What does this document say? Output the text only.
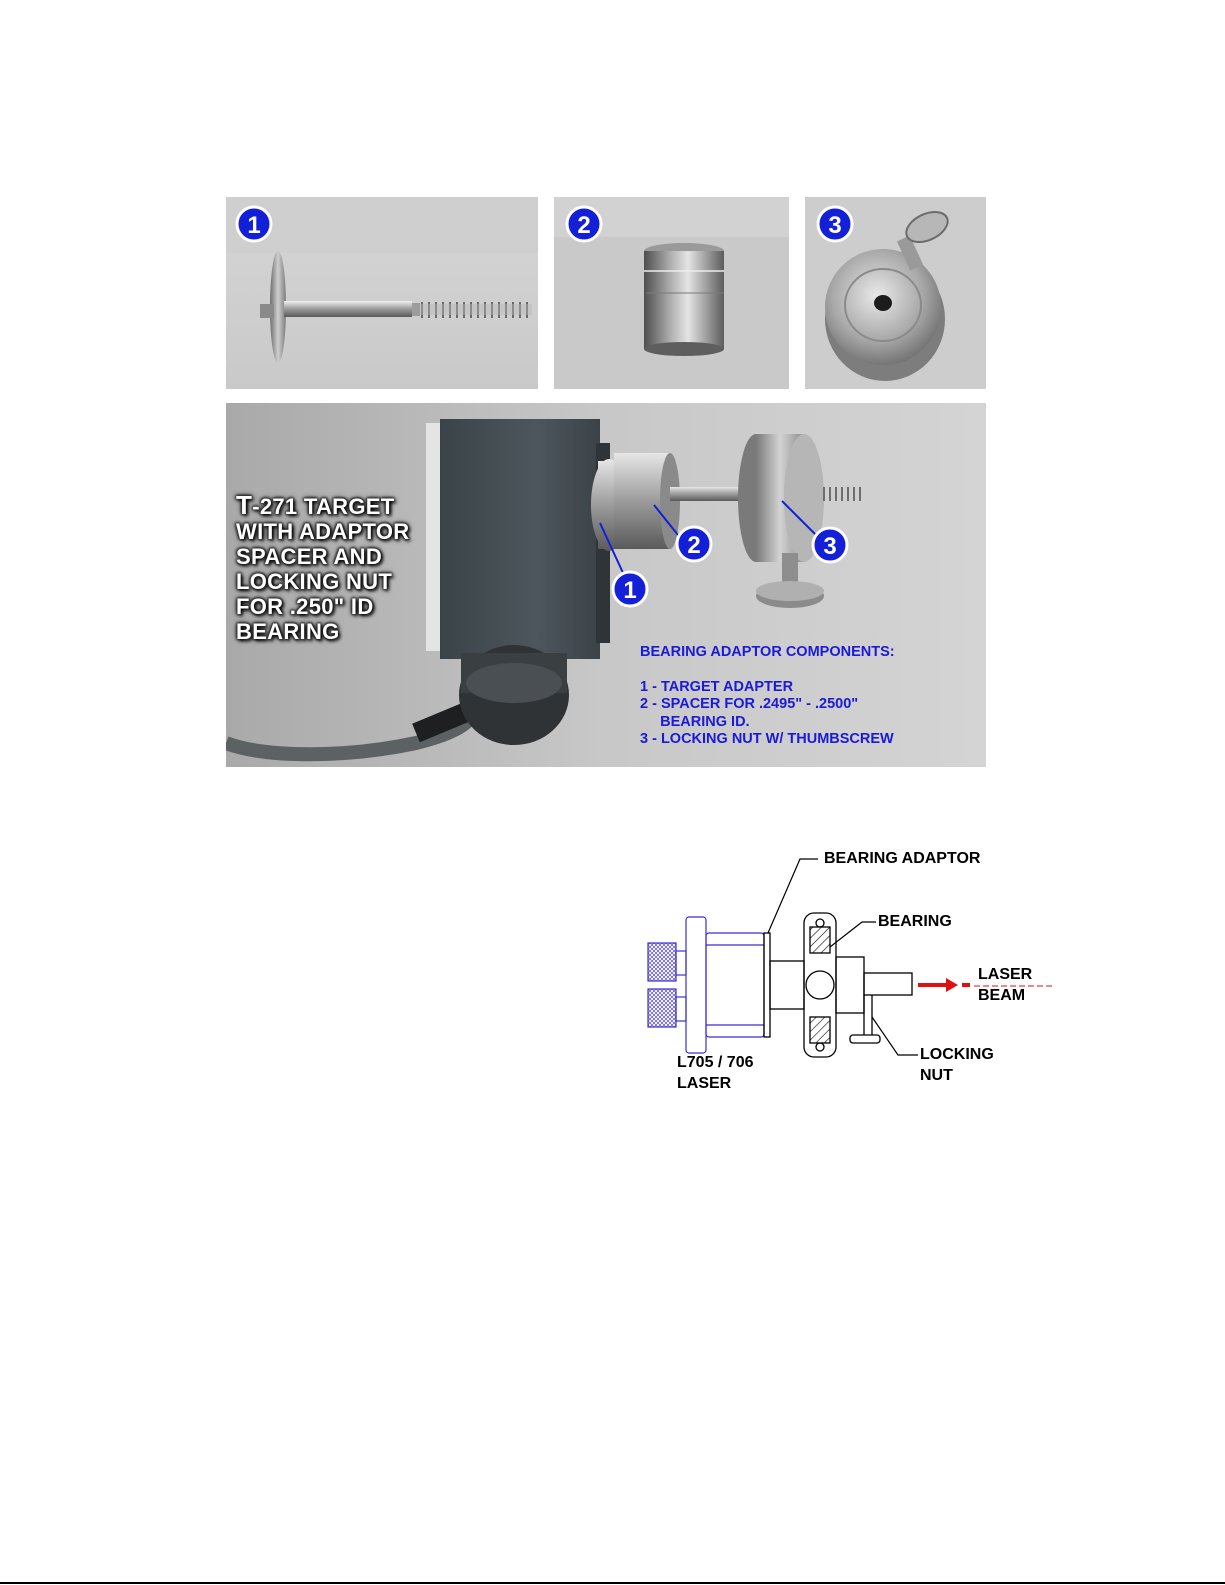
1	2	3
1
2	3
T-271 TARGET
WITH ADAPTOR
SPACER AND
LOCKING NUT
FOR .250" ID
BEARING
BEARING ADAPTOR COMPONENTS:
1 - TARGET ADAPTER
2 - SPACER FOR .2495" - .2500"
BEARING ID.
3 - LOCKING NUT W/ THUMBSCREW
BEARING ADAPTOR
BEARING
LASER
BEAM
L705 / 706
LASER
LOCKING
NUT
